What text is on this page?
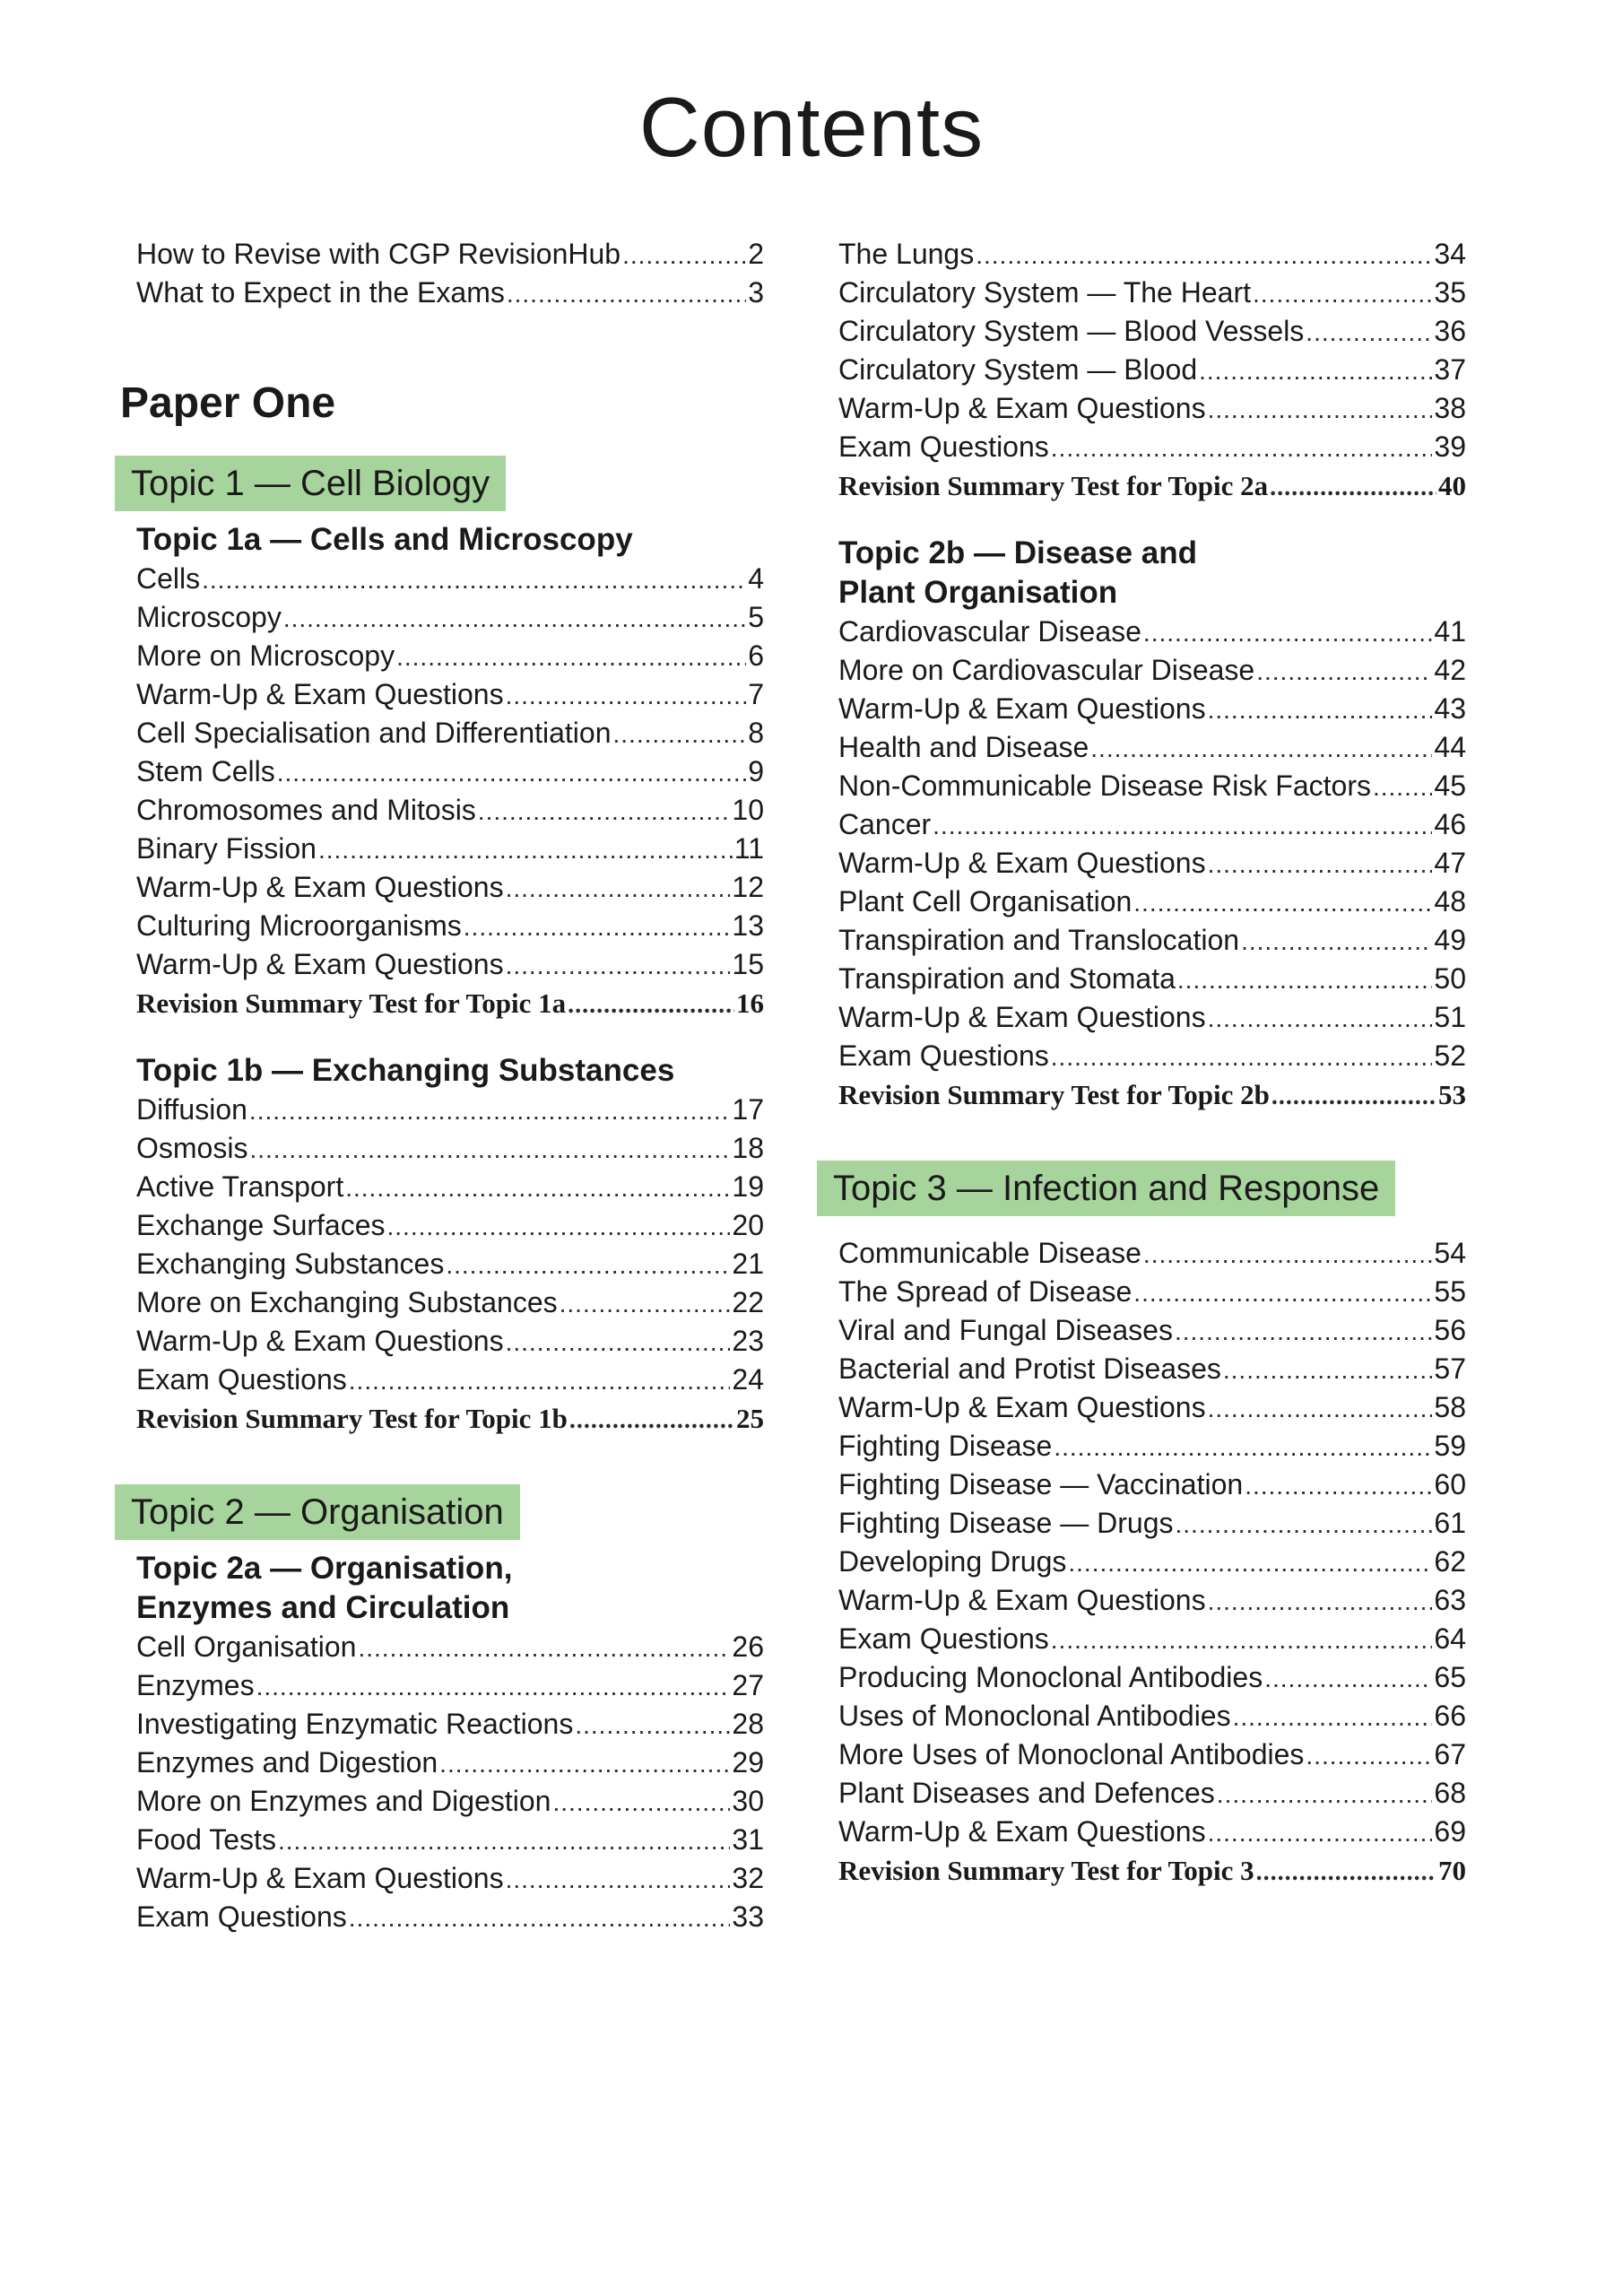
Contents
How to Revise with CGP RevisionHub .....	2
What to Expect in the Exams .....	3
Paper One
Topic 1 — Cell Biology
Topic 1a — Cells and Microscopy
Cells .....	4
Microscopy .....	5
More on Microscopy .....	6
Warm-Up & Exam Questions .....	7
Cell Specialisation and Differentiation .....	8
Stem Cells .....	9
Chromosomes and Mitosis .....	10
Binary Fission .....	11
Warm-Up & Exam Questions .....	12
Culturing Microorganisms .....	13
Warm-Up & Exam Questions .....	15
Revision Summary Test for Topic 1a .....	16
Topic 1b — Exchanging Substances
Diffusion .....	17
Osmosis .....	18
Active Transport .....	19
Exchange Surfaces .....	20
Exchanging Substances .....	21
More on Exchanging Substances .....	22
Warm-Up & Exam Questions .....	23
Exam Questions .....	24
Revision Summary Test for Topic 1b .....	25
Topic 2 — Organisation
Topic 2a — Organisation,
Enzymes and Circulation
Cell Organisation .....	26
Enzymes .....	27
Investigating Enzymatic Reactions .....	28
Enzymes and Digestion .....	29
More on Enzymes and Digestion .....	30
Food Tests .....	31
Warm-Up & Exam Questions .....	32
Exam Questions .....	33
The Lungs .....	34
Circulatory System — The Heart .....	35
Circulatory System — Blood Vessels .....	36
Circulatory System — Blood .....	37
Warm-Up & Exam Questions .....	38
Exam Questions .....	39
Revision Summary Test for Topic 2a .....	40
Topic 2b — Disease and
Plant Organisation
Cardiovascular Disease .....	41
More on Cardiovascular Disease .....	42
Warm-Up & Exam Questions .....	43
Health and Disease .....	44
Non-Communicable Disease Risk Factors ..... 45
Cancer .....	46
Warm-Up & Exam Questions .....	47
Plant Cell Organisation .....	48
Transpiration and Translocation .....	49
Transpiration and Stomata .....	50
Warm-Up & Exam Questions .....	51
Exam Questions .....	52
Revision Summary Test for Topic 2b .....	53
Topic 3 — Infection and Response
Communicable Disease .....	54
The Spread of Disease .....	55
Viral and Fungal Diseases .....	56
Bacterial and Protist Diseases .....	57
Warm-Up & Exam Questions .....	58
Fighting Disease .....	59
Fighting Disease — Vaccination .....	60
Fighting Disease — Drugs .....	61
Developing Drugs .....	62
Warm-Up & Exam Questions .....	63
Exam Questions .....	64
Producing Monoclonal Antibodies .....	65
Uses of Monoclonal Antibodies .....	66
More Uses of Monoclonal Antibodies .....	67
Plant Diseases and Defences .....	68
Warm-Up & Exam Questions .....	69
Revision Summary Test for Topic 3 .....	70
